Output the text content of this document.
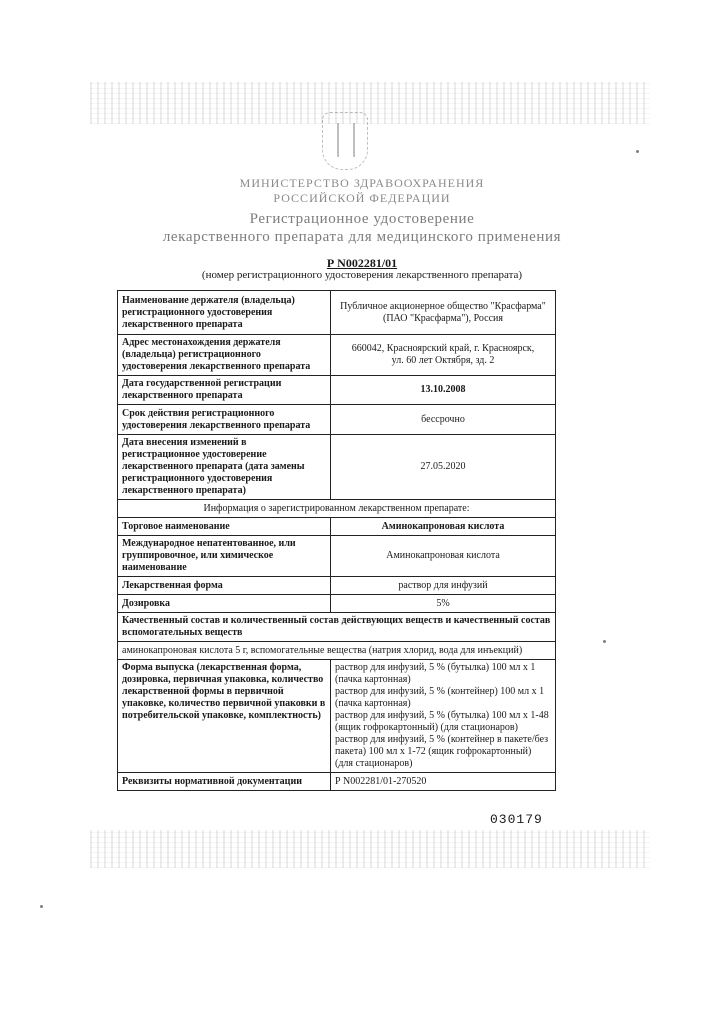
МИНИСТЕРСТВО ЗДРАВООХРАНЕНИЯ
РОССИЙСКОЙ ФЕДЕРАЦИИ
Регистрационное удостоверение
лекарственного препарата для медицинского применения
Р N002281/01
(номер регистрационного удостоверения лекарственного препарата)
Наименование держателя (владельца) регистрационного удостоверения лекарственного препарата	Публичное акционерное общество "Красфарма"
(ПАО "Красфарма"), Россия

Адрес местонахождения держателя (владельца) регистрационного удостоверения лекарственного препарата	660042, Красноярский край, г. Красноярск,
ул. 60 лет Октября, зд. 2

Дата государственной регистрации лекарственного препарата	13.10.2008
Срок действия регистрационного удостоверения лекарственного препарата	бессрочно
Дата внесения изменений в регистрационное удостоверение лекарственного препарата (дата замены регистрационного удостоверения лекарственного препарата)	27.05.2020
Информация о зарегистрированном лекарственном препарате:	
Торговое наименование	Аминокапроновая кислота
Международное непатентованное, или группировочное, или химическое наименование	Аминокапроновая кислота
Лекарственная форма	раствор для инфузий
Дозировка	5%
Качественный состав и количественный состав действующих веществ и качественный состав вспомогательных веществ	
аминокапроновая кислота 5 г, вспомогательные вещества (натрия хлорид, вода для инъекций)	
Форма выпуска (лекарственная форма, дозировка, первичная упаковка, количество лекарственной формы в первичной упаковке, количество первичной упаковки в потребительской упаковке, комплектность)	раствор для инфузий, 5 % (бутылка) 100 мл х 1 (пачка картонная)
раствор для инфузий, 5 % (контейнер) 100 мл х 1 (пачка картонная)
раствор для инфузий, 5 % (бутылка) 100 мл х 1-48 (ящик гофрокартонный) (для стационаров)
раствор для инфузий, 5 % (контейнер в пакете/без пакета) 100 мл х 1-72 (ящик гофрокартонный) (для стационаров)

Реквизиты нормативной документации	Р N002281/01-270520
030179
